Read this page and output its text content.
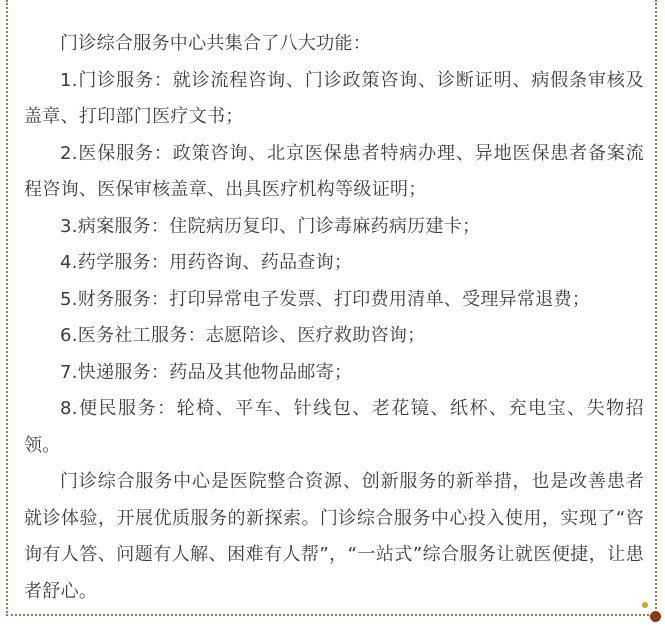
门诊综合服务中心共集合了八大功能：

1.门诊服务：就诊流程咨询、门诊政策咨询、诊断证明、病假条审核及盖章、打印部门医疗文书；

2.医保服务：政策咨询、北京医保患者特病办理、异地医保患者备案流程咨询、医保审核盖章、出具医疗机构等级证明；

3.病案服务：住院病历复印、门诊毒麻药病历建卡；

4.药学服务：用药咨询、药品查询；

5.财务服务：打印异常电子发票、打印费用清单、受理异常退费；

6.医务社工服务：志愿陪诊、医疗救助咨询；

7.快递服务：药品及其他物品邮寄；

8.便民服务：轮椅、平车、针线包、老花镜、纸杯、充电宝、失物招领。

门诊综合服务中心是医院整合资源、创新服务的新举措，也是改善患者就诊体验，开展优质服务的新探索。门诊综合服务中心投入使用，实现了“咨询有人答、问题有人解、困难有人帮”，“一站式”综合服务让就医便捷，让患者舒心。
